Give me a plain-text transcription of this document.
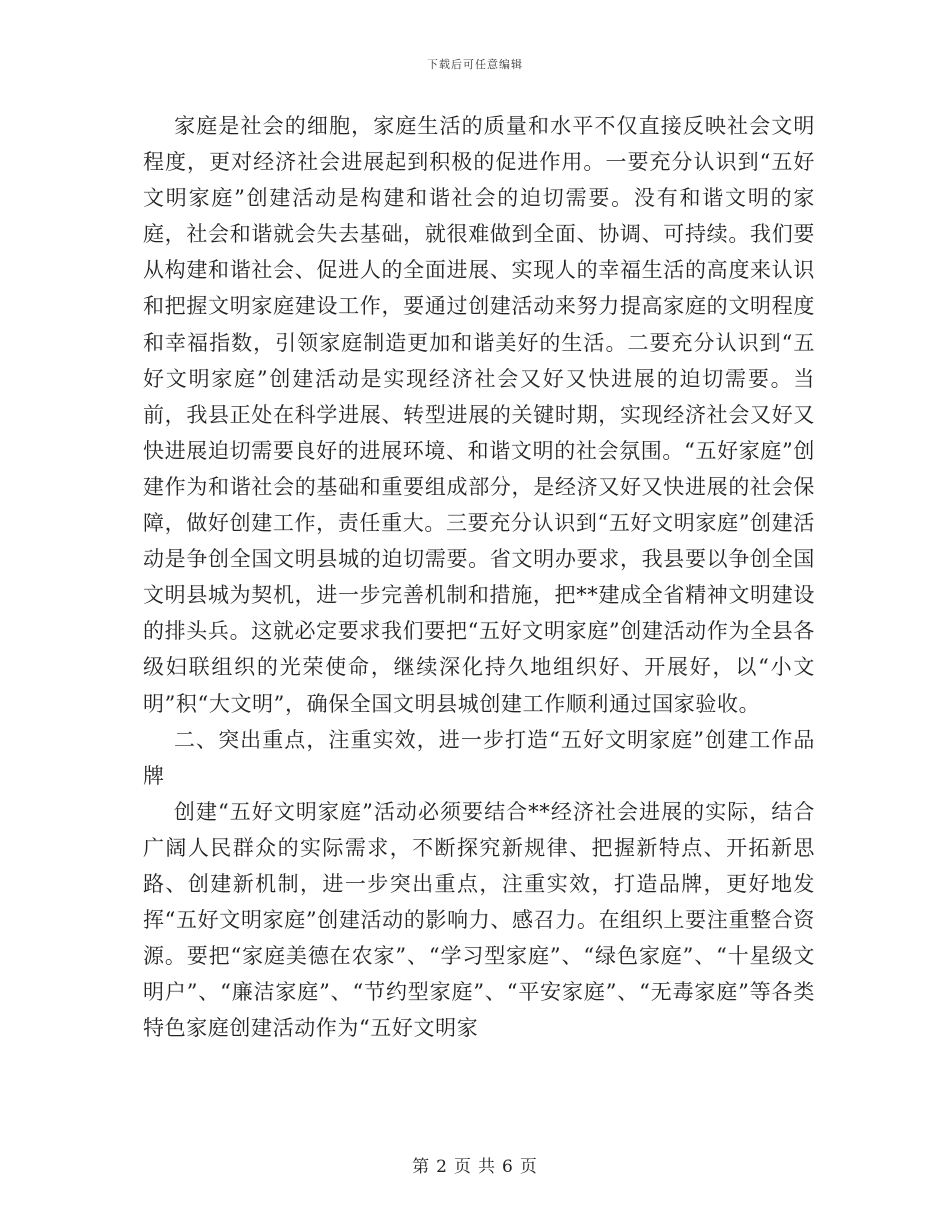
下载后可任意编辑

家庭是社会的细胞，家庭生活的质量和水平不仅直接反映社会文明程度，更对经济社会进展起到积极的促进作用。一要充分认识到“五好文明家庭”创建活动是构建和谐社会的迫切需要。没有和谐文明的家庭，社会和谐就会失去基础，就很难做到全面、协调、可持续。我们要从构建和谐社会、促进人的全面进展、实现人的幸福生活的高度来认识和把握文明家庭建设工作，要通过创建活动来努力提高家庭的文明程度和幸福指数，引领家庭制造更加和谐美好的生活。二要充分认识到“五好文明家庭”创建活动是实现经济社会又好又快进展的迫切需要。当前，我县正处在科学进展、转型进展的关键时期，实现经济社会又好又快进展迫切需要良好的进展环境、和谐文明的社会氛围。“五好家庭”创建作为和谐社会的基础和重要组成部分，是经济又好又快进展的社会保障，做好创建工作，责任重大。三要充分认识到“五好文明家庭”创建活动是争创全国文明县城的迫切需要。省文明办要求，我县要以争创全国文明县城为契机，进一步完善机制和措施，把**建成全省精神文明建设的排头兵。这就必定要求我们要把“五好文明家庭”创建活动作为全县各级妇联组织的光荣使命，继续深化持久地组织好、开展好，以“小文明”积“大文明”，确保全国文明县城创建工作顺利通过国家验收。

二、突出重点，注重实效，进一步打造“五好文明家庭”创建工作品牌

创建“五好文明家庭”活动必须要结合**经济社会进展的实际，结合广阔人民群众的实际需求，不断探究新规律、把握新特点、开拓新思路、创建新机制，进一步突出重点，注重实效，打造品牌，更好地发挥“五好文明家庭”创建活动的影响力、感召力。在组织上要注重整合资源。要把“家庭美德在农家”、“学习型家庭”、“绿色家庭”、“十星级文明户”、“廉洁家庭”、“节约型家庭”、“平安家庭”、“无毒家庭”等各类特色家庭创建活动作为“五好文明家

第 2 页 共 6 页
